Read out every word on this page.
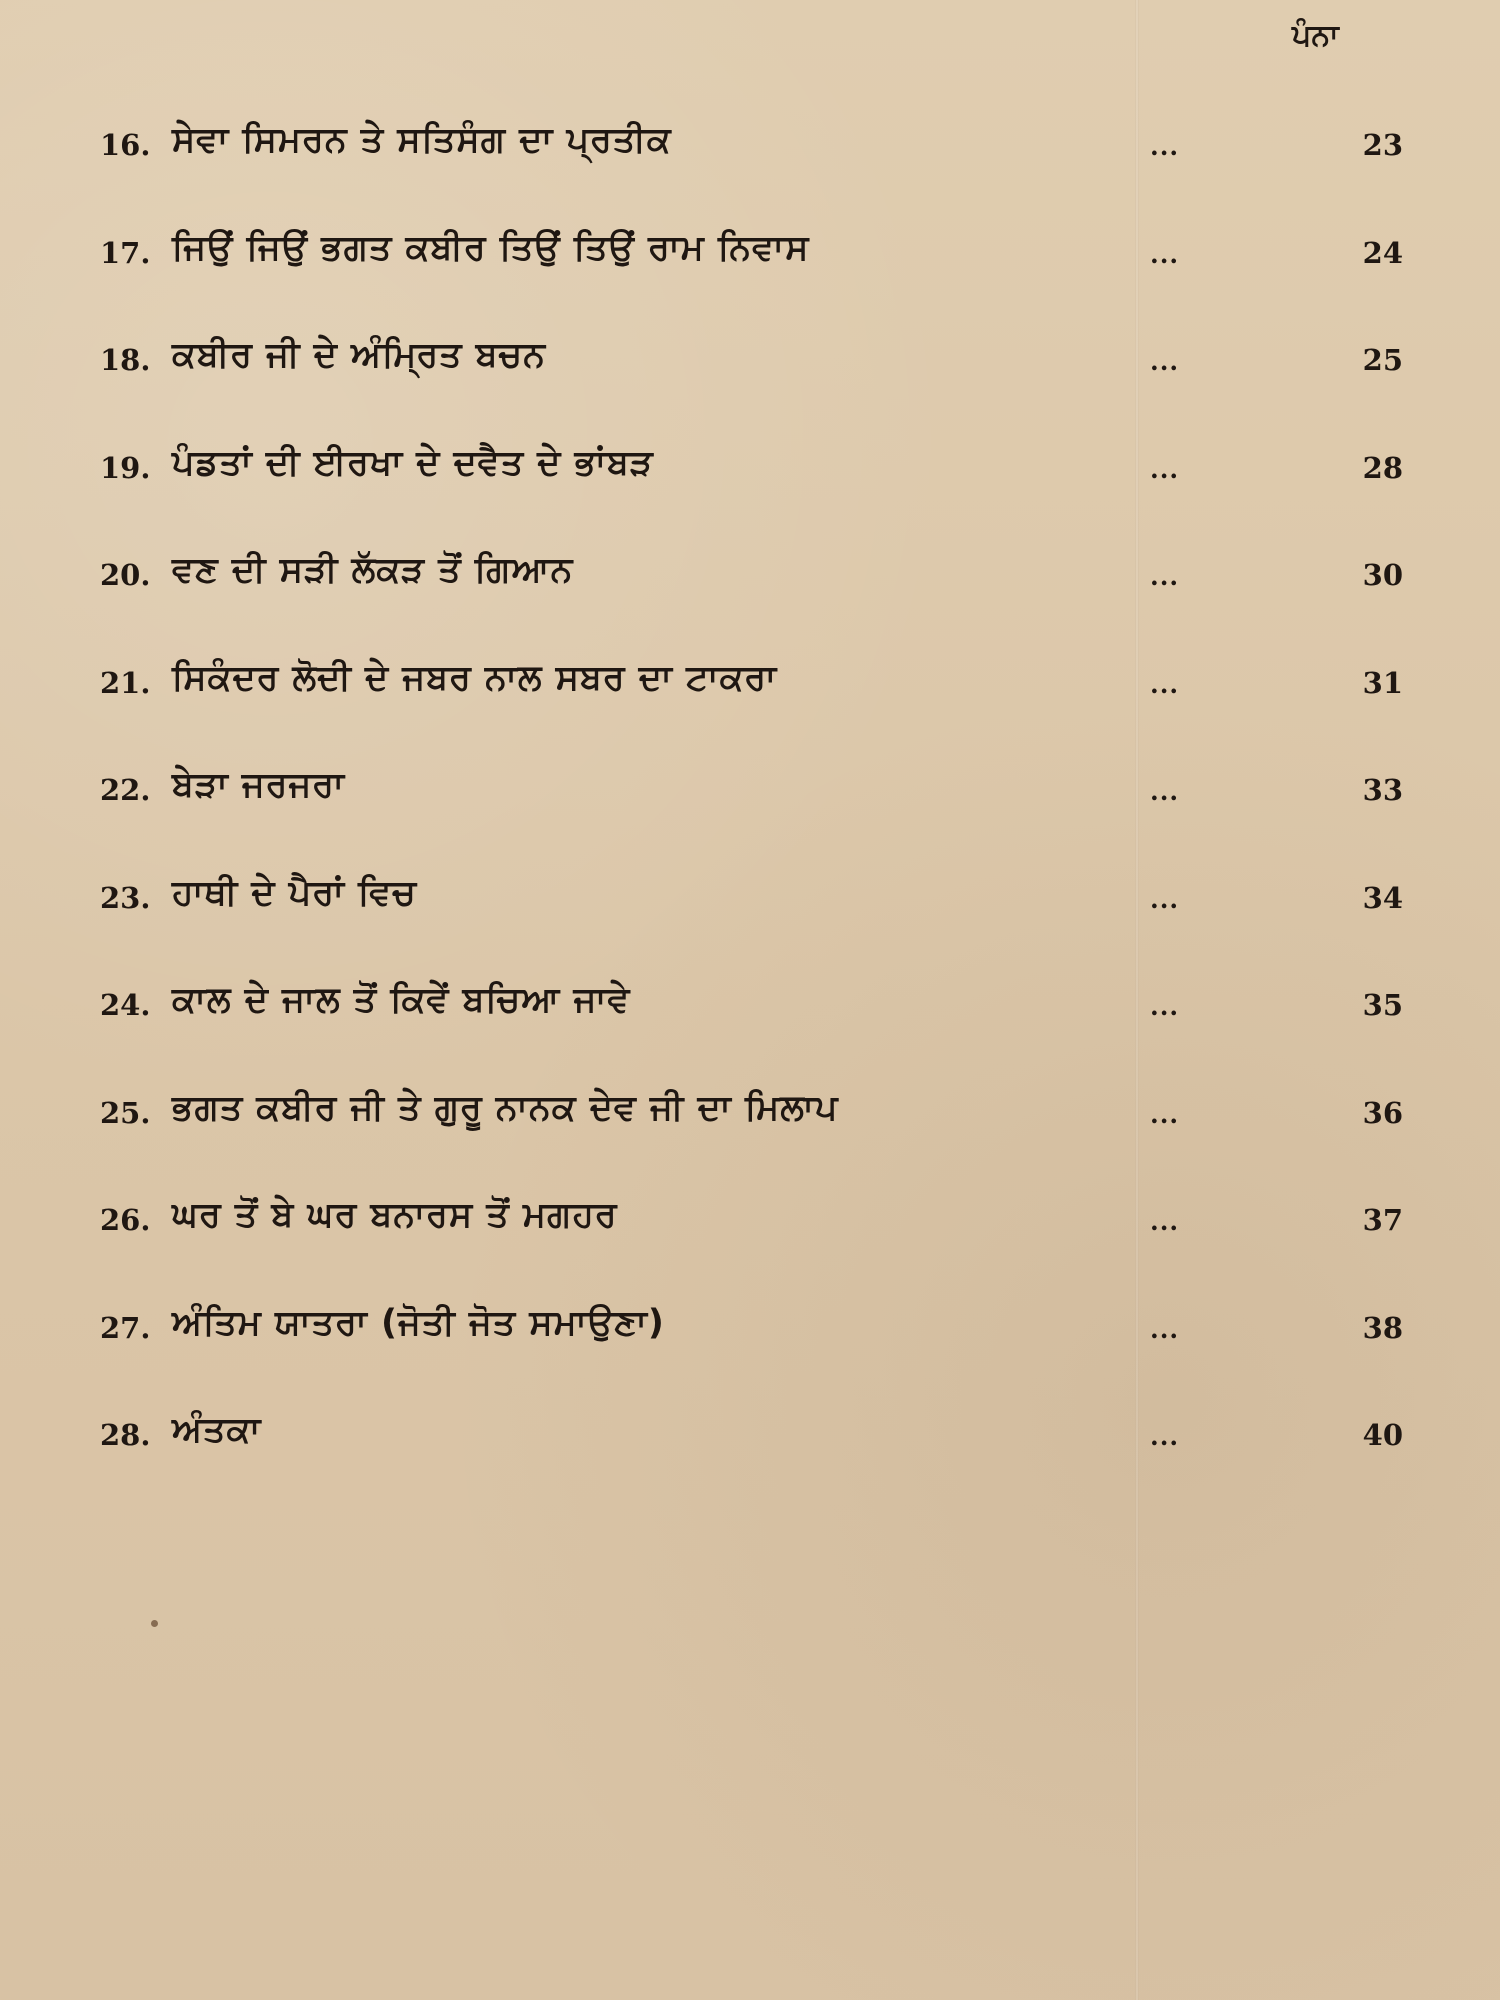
ਪੰਨਾ
16. ਸੇਵਾ ਸਿਮਰਨ ਤੇ ਸਤਿਸੰਗ ਦਾ ਪ੍ਰਤੀਕ	...	23
17. ਜਿਉਂ ਜਿਉਂ ਭਗਤ ਕਬੀਰ ਤਿਉਂ ਤਿਉਂ ਰਾਮ ਨਿਵਾਸ	...	24
18. ਕਬੀਰ ਜੀ ਦੇ ਅੰਮ੍ਰਿਤ ਬਚਨ	...	25
19. ਪੰਡਤਾਂ ਦੀ ਈਰਖਾ ਦੇ ਦਵੈਤ ਦੇ ਭਾਂਬੜ	...	28
20. ਵਣ ਦੀ ਸੜੀ ਲੱਕੜ ਤੋਂ ਗਿਆਨ	...	30
21. ਸਿਕੰਦਰ ਲੋਦੀ ਦੇ ਜਬਰ ਨਾਲ ਸਬਰ ਦਾ ਟਾਕਰਾ	...	31
22. ਬੇੜਾ ਜਰਜਰਾ	...	33
23. ਹਾਥੀ ਦੇ ਪੈਰਾਂ ਵਿਚ	...	34
24. ਕਾਲ ਦੇ ਜਾਲ ਤੋਂ ਕਿਵੇਂ ਬਚਿਆ ਜਾਵੇ	...	35
25. ਭਗਤ ਕਬੀਰ ਜੀ ਤੇ ਗੁਰੂ ਨਾਨਕ ਦੇਵ ਜੀ ਦਾ ਮਿਲਾਪ	...	36
26. ਘਰ ਤੋਂ ਬੇ ਘਰ ਬਨਾਰਸ ਤੋਂ ਮਗਹਰ	...	37
27. ਅੰਤਿਮ ਯਾਤਰਾ (ਜੋਤੀ ਜੋਤ ਸਮਾਉਣਾ)	...	38
28. ਅੰਤਕਾ	...	40
